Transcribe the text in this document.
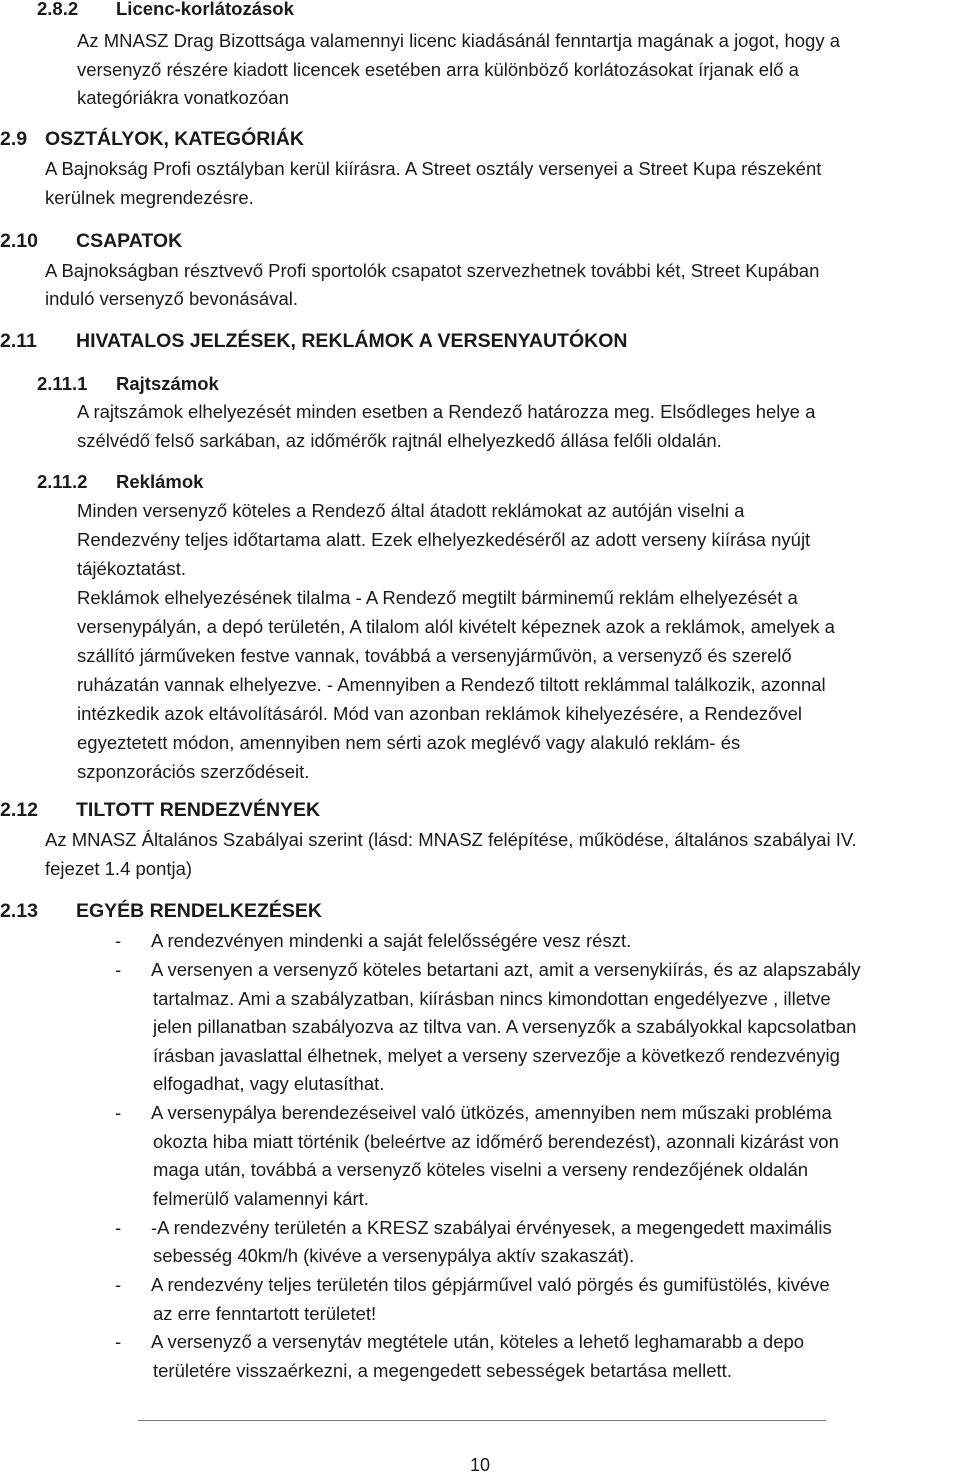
2.8.2 Licenc-korlátozások
Az MNASZ Drag Bizottsága valamennyi licenc kiadásánál fenntartja magának a jogot, hogy a
versenyző részére kiadott licencek esetében arra különböző korlátozásokat írjanak elő a
kategóriákra vonatkozóan
2.9 OSZTÁLYOK, KATEGÓRIÁK
A Bajnokság Profi osztályban kerül kiírásra. A Street osztály versenyei a Street Kupa részeként
kerülnek megrendezésre.
2.10 CSAPATOK
A Bajnokságban résztvevő Profi sportolók csapatot szervezhetnek további két, Street Kupában
induló versenyző bevonásával.
2.11 HIVATALOS JELZÉSEK, REKLÁMOK A VERSENYAUTÓKON
2.11.1 Rajtszámok
A rajtszámok elhelyezését minden esetben a Rendező határozza meg. Elsődleges helye a
szélvédő felső sarkában, az időmérők rajtnál elhelyezkedő állása felőli oldalán.
2.11.2 Reklámok
Minden versenyző köteles a Rendező által átadott reklámokat az autóján viselni a
Rendezvény teljes időtartama alatt. Ezek elhelyezkedéséről az adott verseny kiírása nyújt
tájékoztatást.
Reklámok elhelyezésének tilalma - A Rendező megtilt bárminemű reklám elhelyezését a
versenypályán, a depó területén, A tilalom alól kivételt képeznek azok a reklámok, amelyek a
szállító járműveken festve vannak, továbbá a versenyjárművön, a versenyző és szerelő
ruházatán vannak elhelyezve. - Amennyiben a Rendező tiltott reklámmal találkozik, azonnal
intézkedik azok eltávolításáról. Mód van azonban reklámok kihelyezésére, a Rendezővel
egyeztetett módon, amennyiben nem sérti azok meglévő vagy alakuló reklám- és
szponzorációs szerződéseit.
2.12 TILTOTT RENDEZVÉNYEK
Az MNASZ Általános Szabályai szerint (lásd: MNASZ felépítése, működése, általános szabályai IV.
fejezet 1.4 pontja)
2.13 EGYÉB RENDELKEZÉSEK
- A rendezvényen mindenki a saját felelősségére vesz részt.
- A versenyen a versenyző köteles betartani azt, amit a versenykiírás, és az alapszabály
tartalmaz. Ami a szabályzatban, kiírásban nincs kimondottan engedélyezve , illetve
jelen pillanatban szabályozva az tiltva van. A versenyzők a szabályokkal kapcsolatban
írásban javaslattal élhetnek, melyet a verseny szervezője a következő rendezvényig
elfogadhat, vagy elutasíthat.
- A versenypálya berendezéseivel való ütközés, amennyiben nem műszaki probléma
okozta hiba miatt történik (beleértve az időmérő berendezést), azonnali kizárást von
maga után, továbbá a versenyző köteles viselni a verseny rendezőjének oldalán
felmerülő valamennyi kárt.
- -A rendezvény területén a KRESZ szabályai érvényesek, a megengedett maximális
sebesség 40km/h (kivéve a versenypálya aktív szakaszát).
- A rendezvény teljes területén tilos gépjárművel való pörgés és gumifüstölés, kivéve
az erre fenntartott területet!
- A versenyző a versenytáv megtétele után, köteles a lehető leghamarabb a depo
területére visszaérkezni, a megengedett sebességek betartása mellett.
10
